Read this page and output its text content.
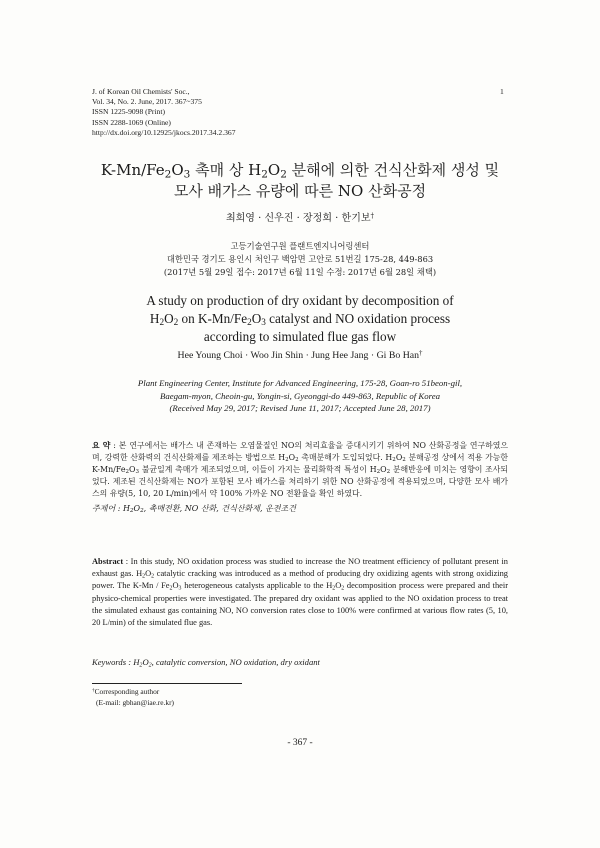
J. of Korean Oil Chemists' Soc.,
Vol. 34, No. 2. June, 2017. 367~375
ISSN 1225-9098 (Print)
ISSN 2288-1069 (Online)
http://dx.doi.org/10.12925/jkocs.2017.34.2.367
1
$K-Mn/Fe_2O_3$ 촉매 상 $H_2O_2$ 분해에 의한 건식산화제 생성 및
모사 배가스 유량에 따른 NO 산화공정
최희영 · 신우진 · 장정희 · 한기보†
고등기술연구원 플랜트엔지니어링센터
대한민국 경기도 용인시 처인구 백암면 고안로 51번길 175-28, 449-863
(2017년 5월 29일 접수: 2017년 6월 11일 수정: 2017년 6월 28일 채택)
A study on production of dry oxidant by decomposition of
$H_2O_2$ on $K-Mn/Fe_2O_3$ catalyst and NO oxidation process
according to simulated flue gas flow
Hee Young Choi · Woo Jin Shin · Jung Hee Jang · Gi Bo Han†
Plant Engineering Center, Institute for Advanced Engineering, 175-28, Goan-ro 51beon-gil,
Baegam-myon, Cheoin-gu, Yongin-si, Gyeonggi-do 449-863, Republic of Korea
(Received May 29, 2017; Revised June 11, 2017; Accepted June 28, 2017)
요 약 : 본 연구에서는 배가스 내 존재하는 오염물질인 NO의 처리효율을 증대시키기 위하여 NO 산화공정을 연구하였으며, 강력한 산화력의 건식산화제를 제조하는 방법으로 $H_2O_2$ 촉매분해가 도입되었다. $H_2O_2$ 분해공정 상에서 적용 가능한 $K-Mn/Fe_2O_3$ 불균일계 촉매가 제조되었으며, 이들이 가지는 물리화학적 특성이 $H_2O_2$ 분해반응에 미치는 영향이 조사되었다. 제조된 건식산화제는 NO가 포함된 모사 배가스를 처리하기 위한 NO 산화공정에 적용되었으며, 다양한 모사 배가스의 유량(5, 10, 20 L/min)에서 약 100% 가까운 NO 전환율을 확인 하였다.
주제어 : $H_2O_2$, 촉매전환, NO 산화, 건식산화제, 운전조건
Abstract : In this study, NO oxidation process was studied to increase the NO treatment efficiency of pollutant present in exhaust gas. $H_2O_2$ catalytic cracking was introduced as a method of producing dry oxidizing agents with strong oxidizing power. The $K-Mn / Fe_2O_3$ heterogeneous catalysts applicable to the $H_2O_2$ decomposition process were prepared and their physico-chemical properties were investigated. The prepared dry oxidant was applied to the NO oxidation process to treat the simulated exhaust gas containing NO, NO conversion rates close to 100% were confirmed at various flow rates (5, 10, 20 L/min) of the simulated flue gas.
Keywords : $H_2O_2$, catalytic conversion, NO oxidation, dry oxidant
†Corresponding author
(E-mail: gbhan@iae.re.kr)
- 367 -
